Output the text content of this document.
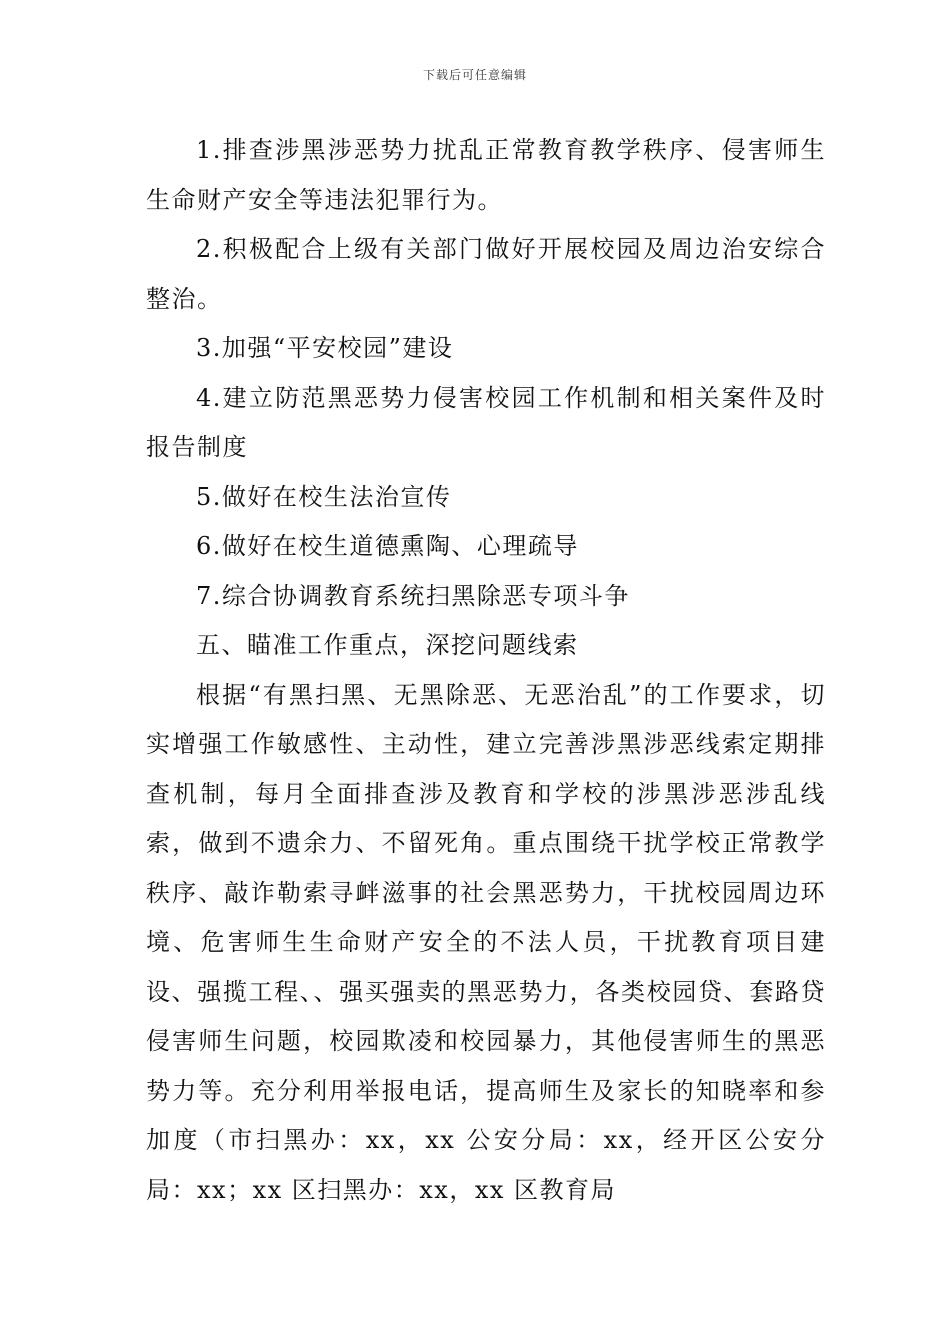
下载后可任意编辑

1.排查涉黑涉恶势力扰乱正常教育教学秩序、侵害师生生命财产安全等违法犯罪行为。

2.积极配合上级有关部门做好开展校园及周边治安综合整治。

3.加强“平安校园”建设

4.建立防范黑恶势力侵害校园工作机制和相关案件及时报告制度

5.做好在校生法治宣传

6.做好在校生道德熏陶、心理疏导

7.综合协调教育系统扫黑除恶专项斗争

五、瞄准工作重点，深挖问题线索

根据“有黑扫黑、无黑除恶、无恶治乱”的工作要求，切实增强工作敏感性、主动性，建立完善涉黑涉恶线索定期排查机制，每月全面排查涉及教育和学校的涉黑涉恶涉乱线索，做到不遗余力、不留死角。重点围绕干扰学校正常教学秩序、敲诈勒索寻衅滋事的社会黑恶势力，干扰校园周边环境、危害师生生命财产安全的不法人员，干扰教育项目建设、强揽工程、、强买强卖的黑恶势力，各类校园贷、套路贷侵害师生问题，校园欺凌和校园暴力，其他侵害师生的黑恶势力等。充分利用举报电话，提高师生及家长的知晓率和参加度（市扫黑办：xx，xx 公安分局：xx，经开区公安分局：xx；xx 区扫黑办：xx，xx 区教育局
